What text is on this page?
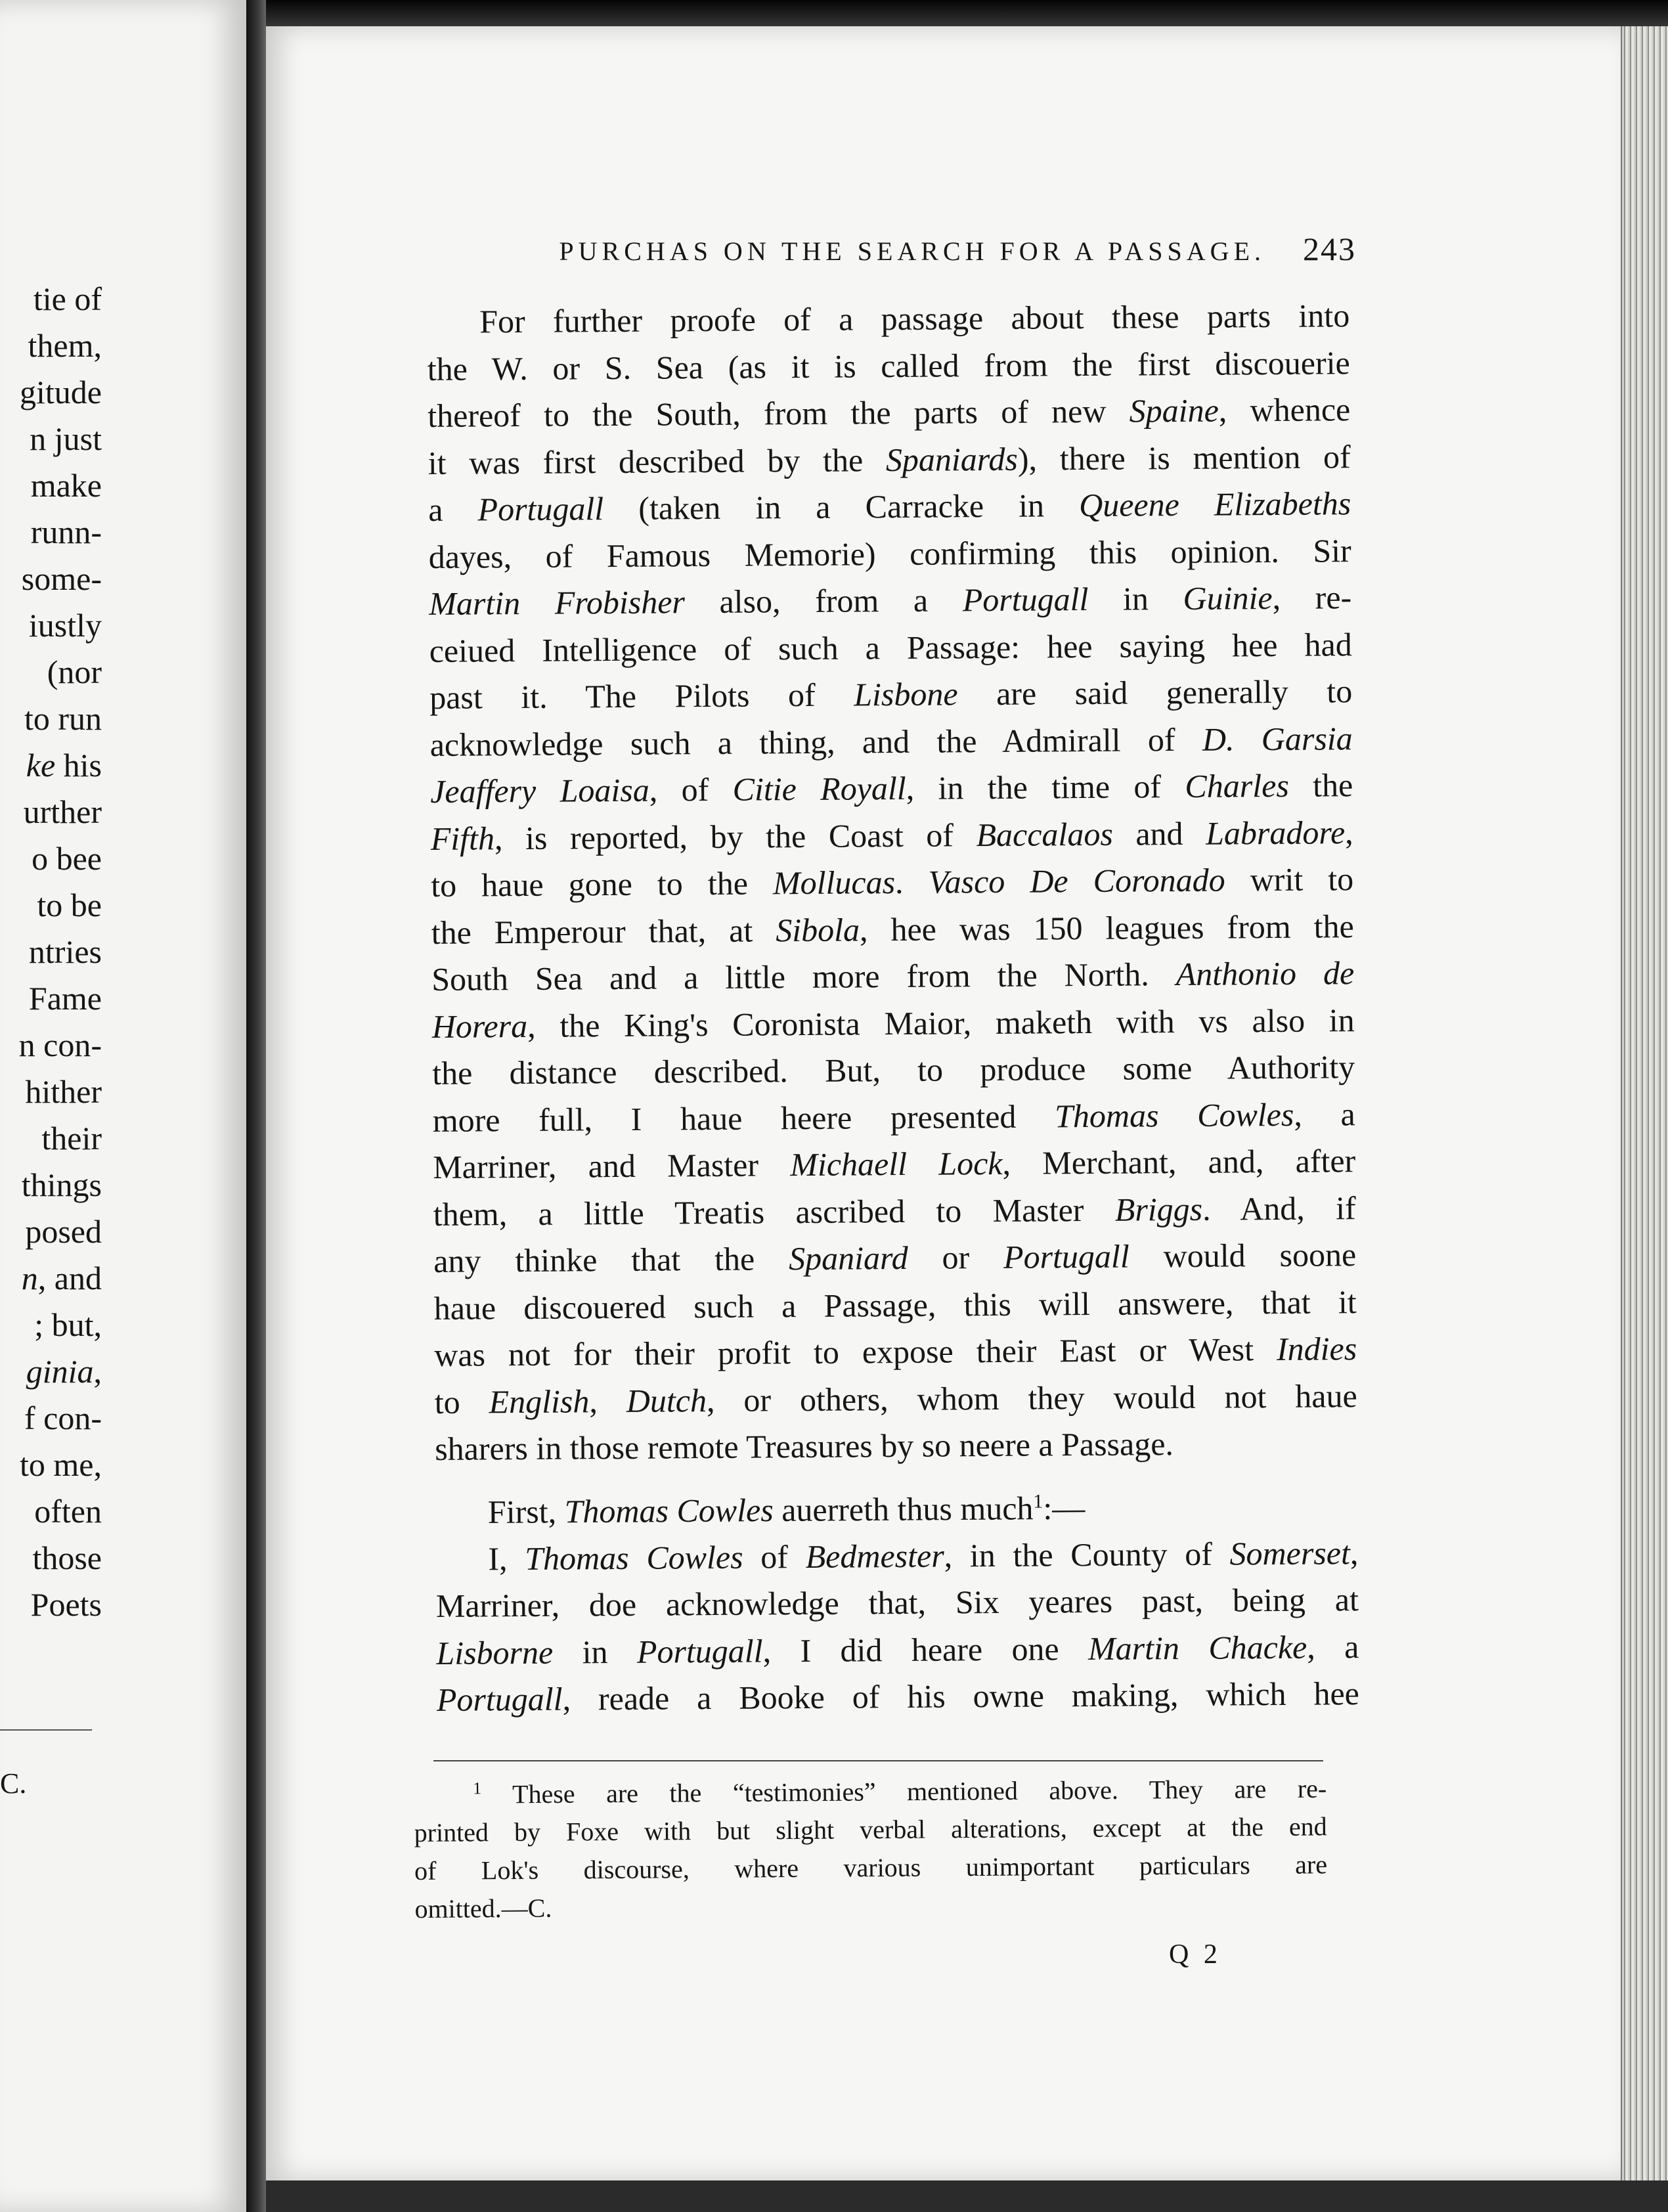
tie of
them,
gitude
n just
make
runn-
some-
iustly
(nor
to run
ke his
urther
o bee
to be
ntries
Fame
n con-
hither
their
things
posed
n, and
; but,
ginia,
f con-
to me,
often
those
Poets
C.
PURCHAS ON THE SEARCH FOR A PASSAGE. 243
For further proofe of a passage about these parts into
the W. or S. Sea (as it is called from the first discouerie
thereof to the South, from the parts of new Spaine, whence
it was first described by the Spaniards), there is mention of
a Portugall (taken in a Carracke in Queene Elizabeths
dayes, of Famous Memorie) confirming this opinion. Sir
Martin Frobisher also, from a Portugall in Guinie, re-
ceiued Intelligence of such a Passage: hee saying hee had
past it. The Pilots of Lisbone are said generally to
acknowledge such a thing, and the Admirall of D. Garsia
Jeaffery Loaisa, of Citie Royall, in the time of Charles the
Fifth, is reported, by the Coast of Baccalaos and Labradore,
to haue gone to the Mollucas. Vasco De Coronado writ to
the Emperour that, at Sibola, hee was 150 leagues from the
South Sea and a little more from the North. Anthonio de
Horera, the King's Coronista Maior, maketh with vs also in
the distance described. But, to produce some Authority
more full, I haue heere presented Thomas Cowles, a
Marriner, and Master Michaell Lock, Merchant, and, after
them, a little Treatis ascribed to Master Briggs. And, if
any thinke that the Spaniard or Portugall would soone
haue discouered such a Passage, this will answere, that it
was not for their profit to expose their East or West Indies
to English, Dutch, or others, whom they would not haue
sharers in those remote Treasures by so neere a Passage.
First, Thomas Cowles auerreth thus much$^1$:—
I, Thomas Cowles of Bedmester, in the County of Somerset,
Marriner, doe acknowledge that, Six yeares past, being at
Lisborne in Portugall, I did heare one Martin Chacke, a
Portugall, reade a Booke of his owne making, which hee
$^1$ These are the “testimonies” mentioned above. They are re-
printed by Foxe with but slight verbal alterations, except at the end
of Lok's discourse, where various unimportant particulars are
omitted.—C.
Q 2
